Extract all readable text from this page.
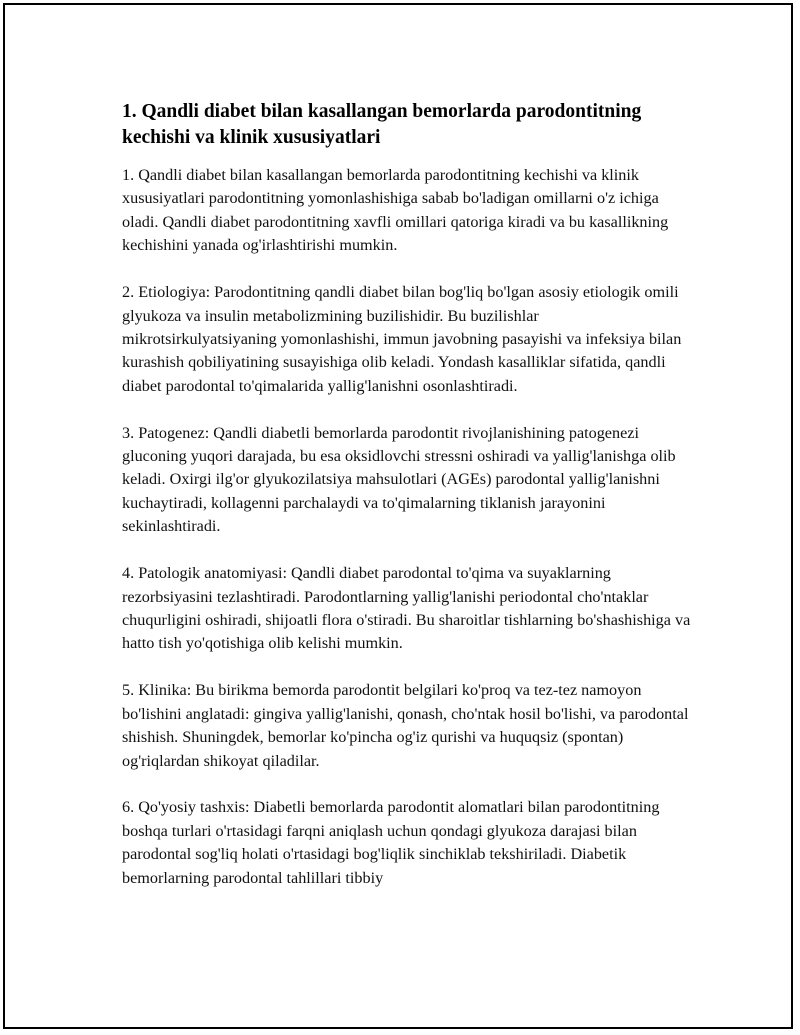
1. Qandli diabet bilan kasallangan bemorlarda parodontitning kechishi va klinik xususiyatlari

1. Qandli diabet bilan kasallangan bemorlarda parodontitning kechishi va klinik xususiyatlari parodontitning yomonlashishiga sabab bo'ladigan omillarni o'z ichiga oladi. Qandli diabet parodontitning xavfli omillari qatoriga kiradi va bu kasallikning kechishini yanada og'irlashtirishi mumkin.

2. Etiologiya: Parodontitning qandli diabet bilan bog'liq bo'lgan asosiy etiologik omili glyukoza va insulin metabolizmining buzilishidir. Bu buzilishlar mikrotsirkulyatsiyaning yomonlashishi, immun javobning pasayishi va infeksiya bilan kurashish qobiliyatining susayishiga olib keladi. Yondash kasalliklar sifatida, qandli diabet parodontal to'qimalarida yallig'lanishni osonlashtiradi.

3. Patogenez: Qandli diabetli bemorlarda parodontit rivojlanishining patogenezi gluconing yuqori darajada, bu esa oksidlovchi stressni oshiradi va yallig'lanishga olib keladi. Oxirgi ilg'or glyukozilatsiya mahsulotlari (AGEs) parodontal yallig'lanishni kuchaytiradi, kollagenni parchalaydi va to'qimalarning tiklanish jarayonini sekinlashtiradi.

4. Patologik anatomiyasi: Qandli diabet parodontal to'qima va suyaklarning rezorbsiyasini tezlashtiradi. Parodontlarning yallig'lanishi periodontal cho'ntaklar chuqurligini oshiradi, shijoatli flora o'stiradi. Bu sharoitlar tishlarning bo'shashishiga va hatto tish yo'qotishiga olib kelishi mumkin.

5. Klinika: Bu birikma bemorda parodontit belgilari ko'proq va tez-tez namoyon bo'lishini anglatadi: gingiva yallig'lanishi, qonash, cho'ntak hosil bo'lishi, va parodontal shishish. Shuningdek, bemorlar ko'pincha og'iz qurishi va huquqsiz (spontan) og'riqlardan shikoyat qiladilar.

6. Qo'yosiy tashxis: Diabetli bemorlarda parodontit alomatlari bilan parodontitning boshqa turlari o'rtasidagi farqni aniqlash uchun qondagi glyukoza darajasi bilan parodontal sog'liq holati o'rtasidagi bog'liqlik sinchiklab tekshiriladi. Diabetik bemorlarning parodontal tahlillari tibbiy
